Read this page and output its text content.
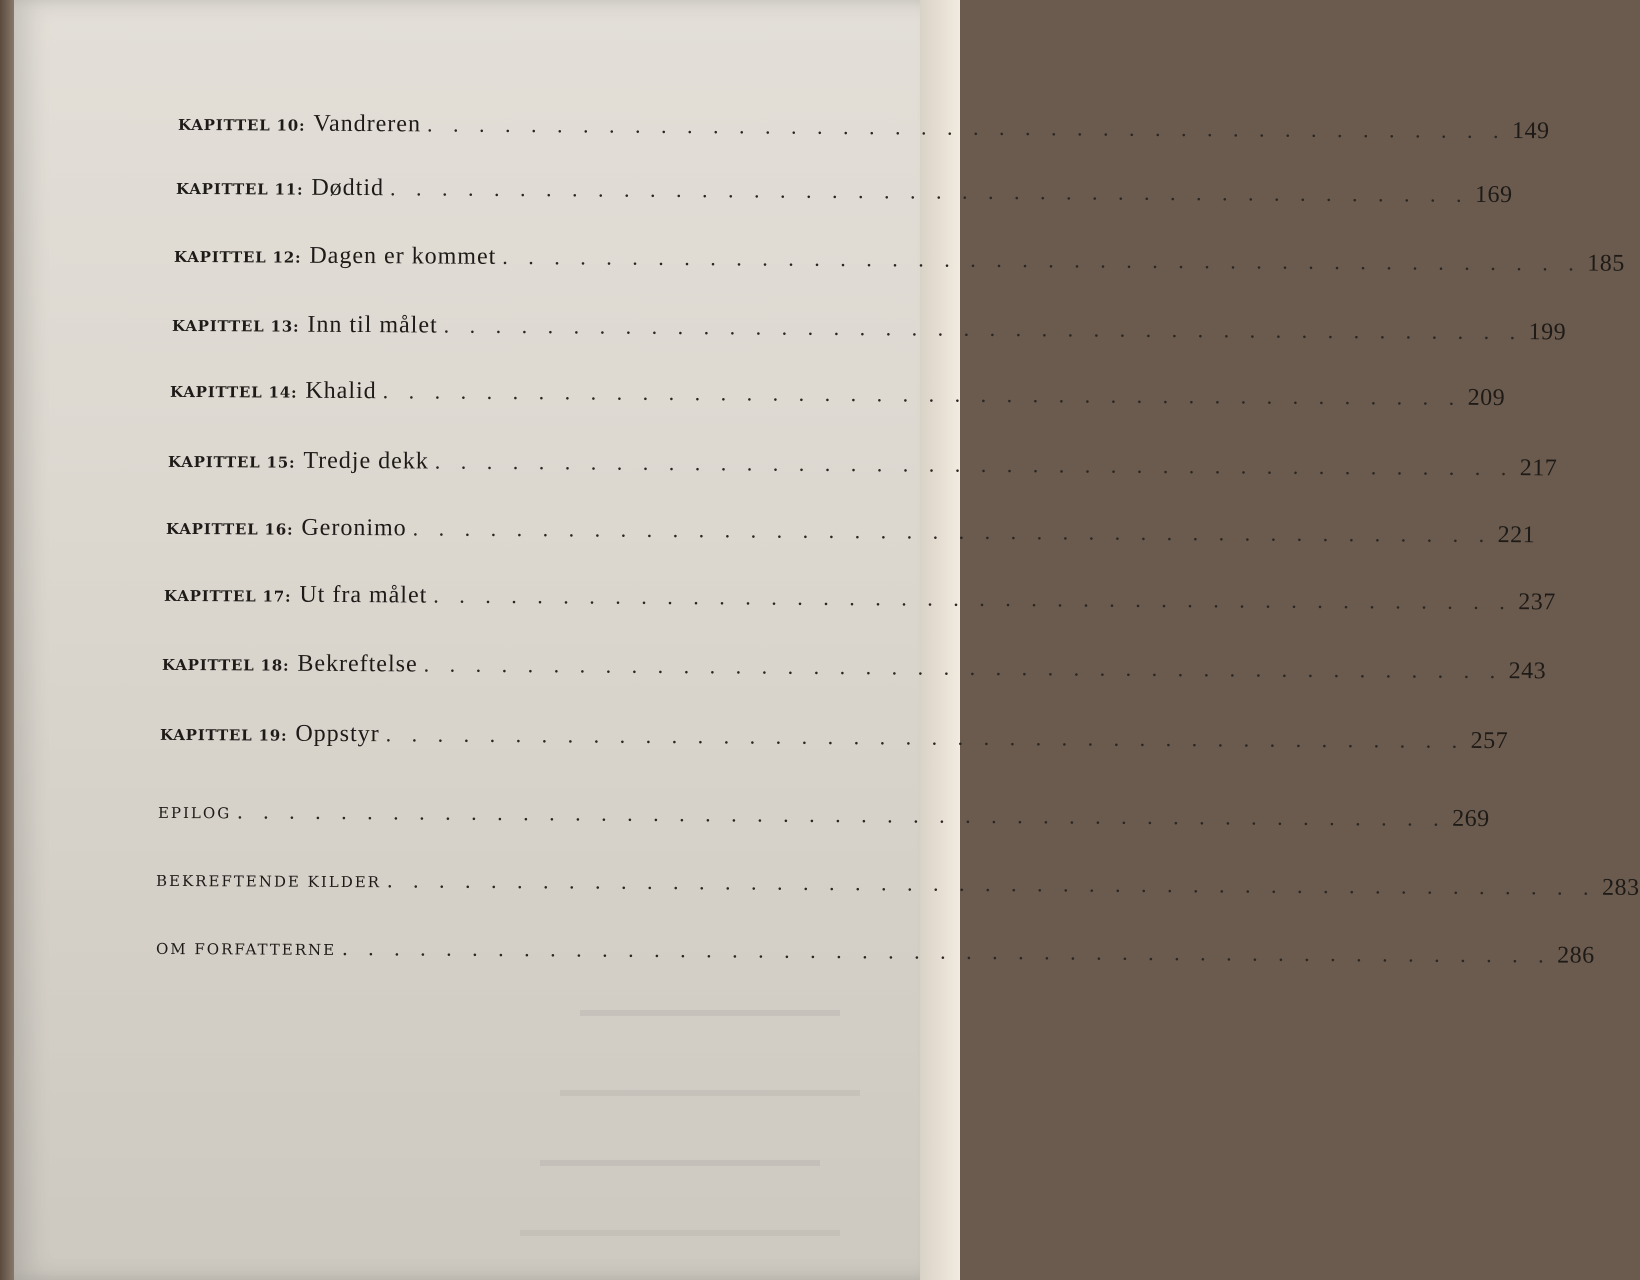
KAPITTEL 10: Vandreren . . . . . . . . . . . . . . . . . . . . . . . . . . . . . . . . . . . . . . . . . . 149
KAPITTEL 11: Dødtid . . . . . . . . . . . . . . . . . . . . . . . . . . . . . . . . . . . . . . . . . . 169
KAPITTEL 12: Dagen er kommet . . . . . . . . . . . . . . . . . . . . . . . . . . . . . . . . . . . . . . . . . . 185
KAPITTEL 13: Inn til målet . . . . . . . . . . . . . . . . . . . . . . . . . . . . . . . . . . . . . . . . . . 199
KAPITTEL 14: Khalid . . . . . . . . . . . . . . . . . . . . . . . . . . . . . . . . . . . . . . . . . . 209
KAPITTEL 15: Tredje dekk . . . . . . . . . . . . . . . . . . . . . . . . . . . . . . . . . . . . . . . . . . 217
KAPITTEL 16: Geronimo . . . . . . . . . . . . . . . . . . . . . . . . . . . . . . . . . . . . . . . . . . 221
KAPITTEL 17: Ut fra målet . . . . . . . . . . . . . . . . . . . . . . . . . . . . . . . . . . . . . . . . . . 237
KAPITTEL 18: Bekreftelse . . . . . . . . . . . . . . . . . . . . . . . . . . . . . . . . . . . . . . . . . . 243
KAPITTEL 19: Oppstyr . . . . . . . . . . . . . . . . . . . . . . . . . . . . . . . . . . . . . . . . . . 257
EPILOG . . . . . . . . . . . . . . . . . . . . . . . . . . . . . . . . . . . . . . . . . . . . . . . 269
BEKREFTENDE KILDER . . . . . . . . . . . . . . . . . . . . . . . . . . . . . . . . . . . . . . . . . . . . . . . 283
OM FORFATTERNE . . . . . . . . . . . . . . . . . . . . . . . . . . . . . . . . . . . . . . . . . . . . . . . 286
